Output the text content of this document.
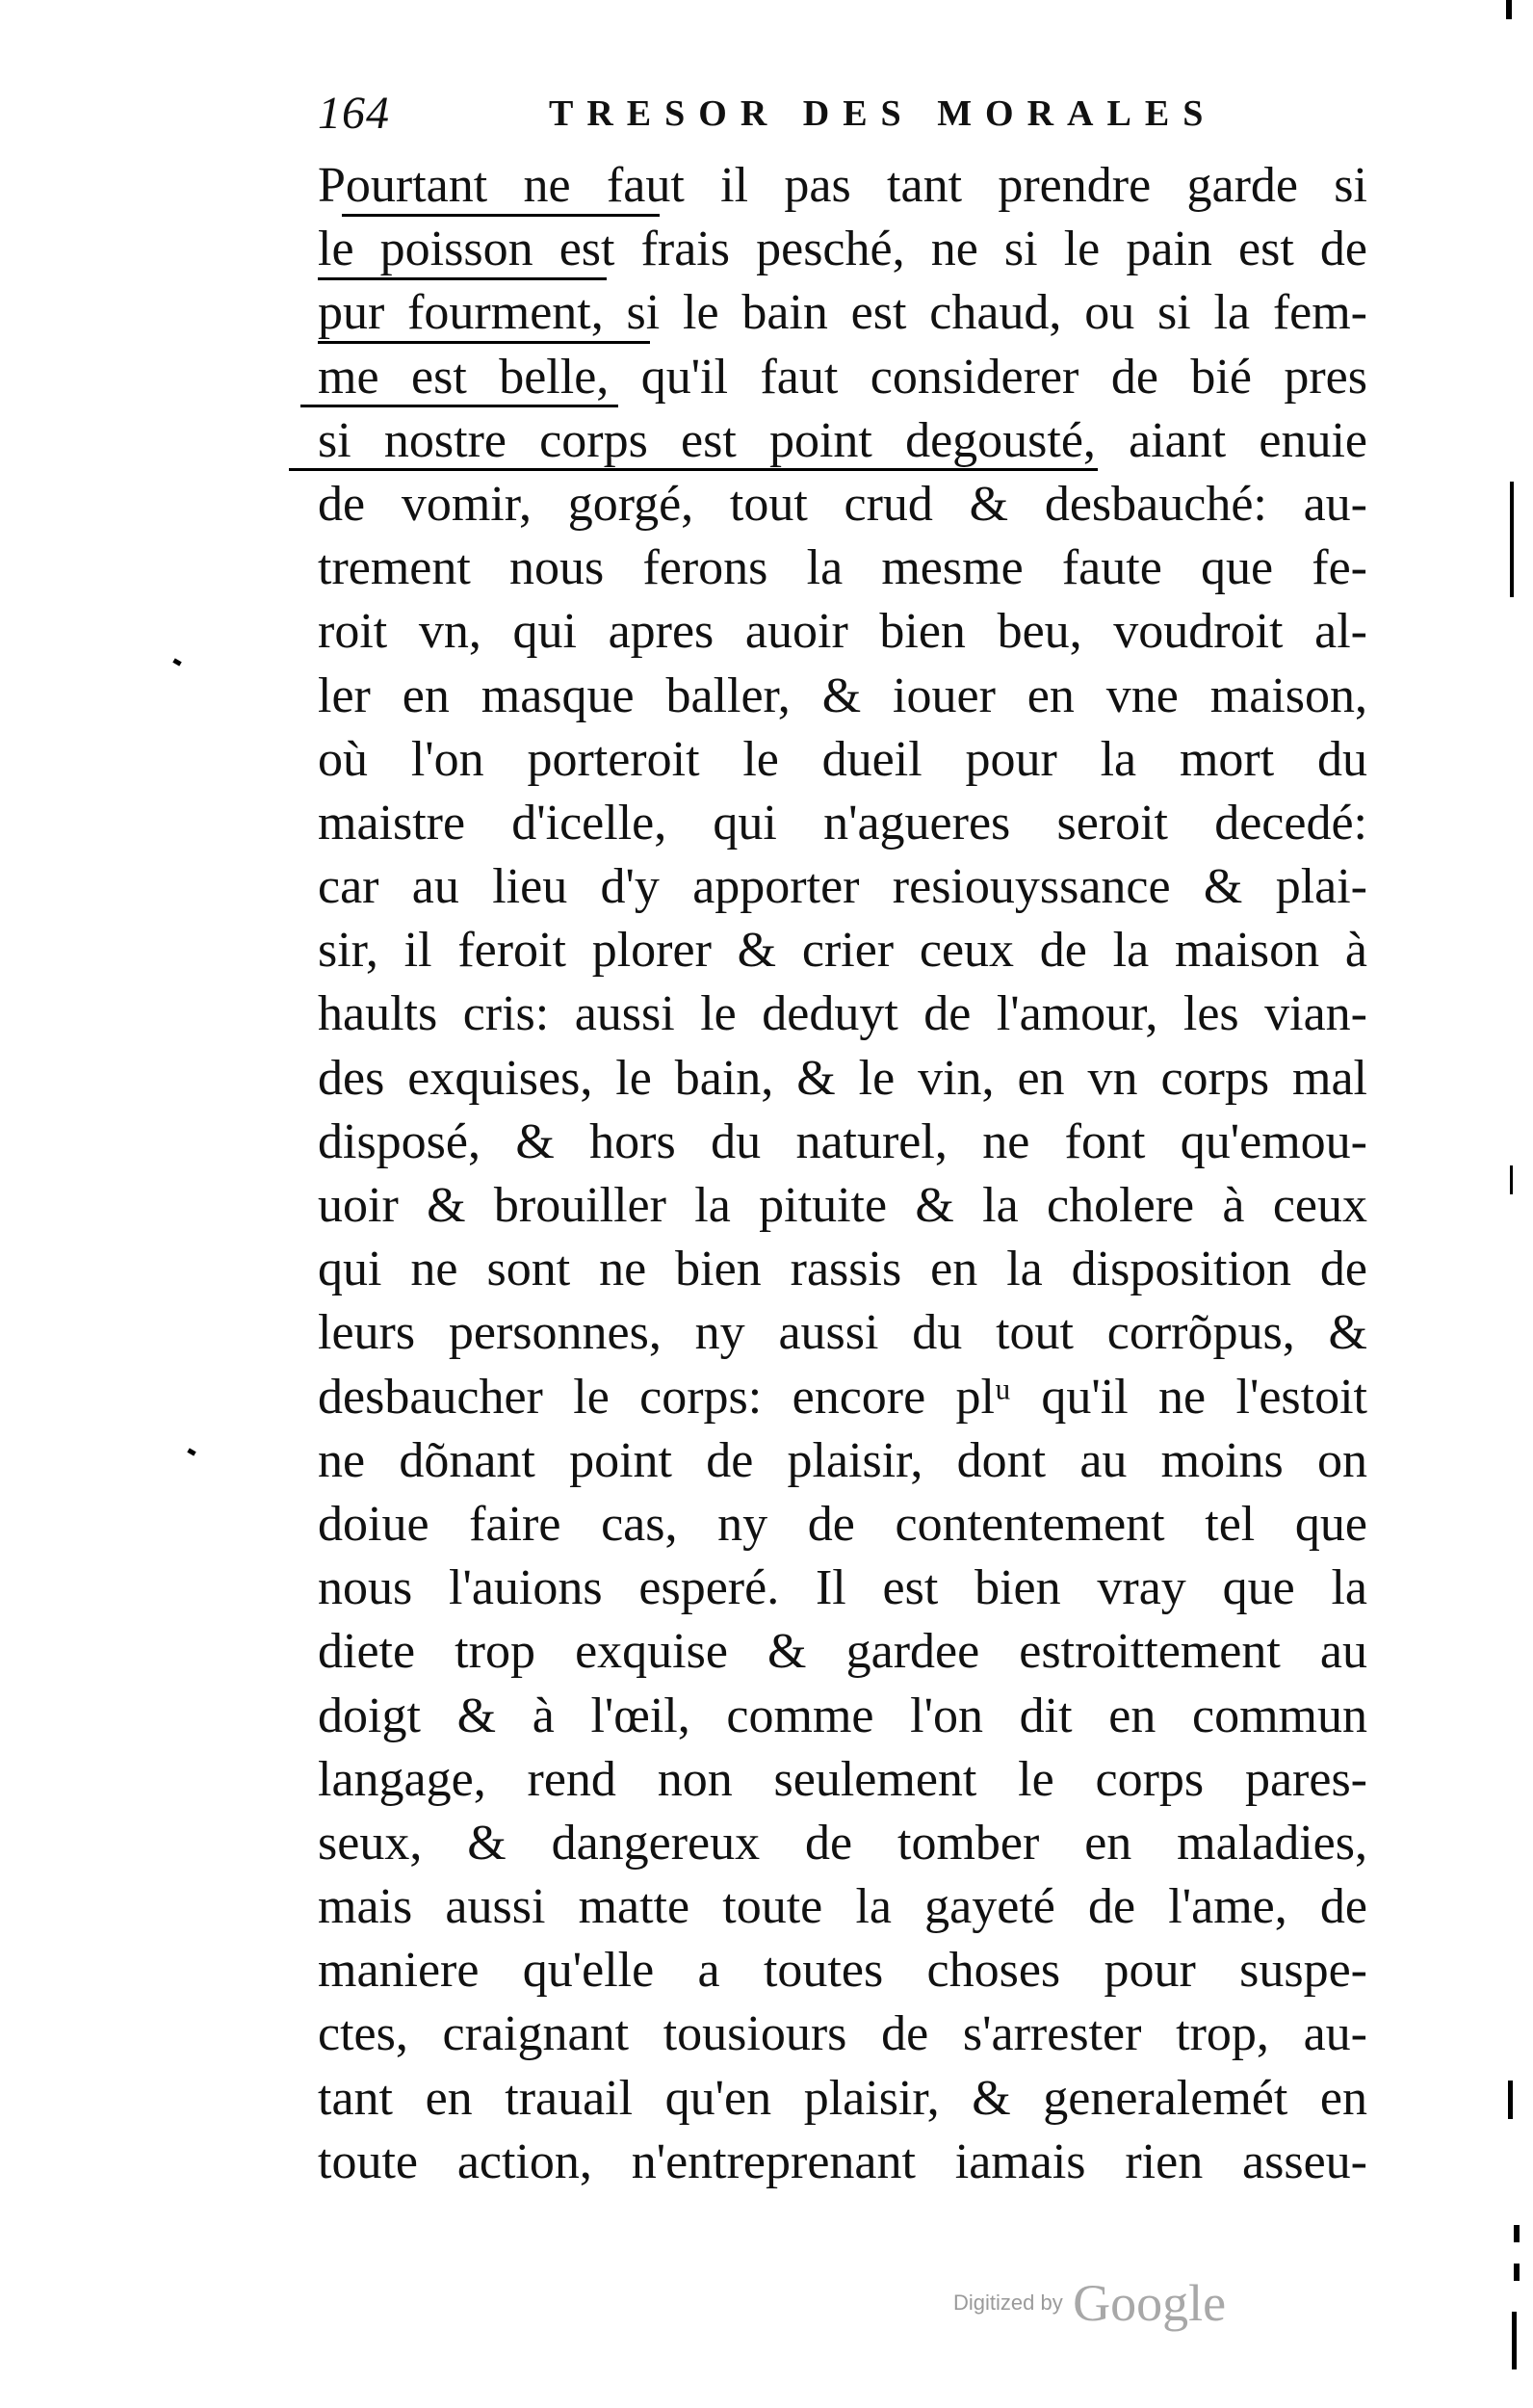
164	TRESOR DES MORALES
Pourtant ne faut il pas tant prendre garde si
le poisson est frais pesché, ne si le pain est de
pur fourment, si le bain est chaud, ou si la fem-
me est belle, qu'il faut considerer de bié pres
si nostre corps est point degousté, aiant enuie
de vomir, gorgé, tout crud & desbauché: au-
trement nous ferons la mesme faute que fe-
roit vn, qui apres auoir bien beu, voudroit al-
ler en masque baller, & iouer en vne maison,
où l'on porteroit le dueil pour la mort du
maistre d'icelle, qui n'agueres seroit decedé:
car au lieu d'y apporter resiouyssance & plai-
sir, il feroit plorer & crier ceux de la maison à
haults cris: aussi le deduyt de l'amour, les vian-
des exquises, le bain, & le vin, en vn corps mal
disposé, & hors du naturel, ne font qu'emou-
uoir & brouiller la pituite & la cholere à ceux
qui ne sont ne bien rassis en la disposition de
leurs personnes, ny aussi du tout corrõpus, &
desbaucher le corps: encore plᵘ qu'il ne l'estoit
ne dõnant point de plaisir, dont au moins on
doiue faire cas, ny de contentement tel que
nous l'auions esperé. Il est bien vray que la
diete trop exquise & gardee estroittement au
doigt & à l'œil, comme l'on dit en commun
langage, rend non seulement le corps pares-
seux, & dangereux de tomber en maladies,
mais aussi matte toute la gayeté de l'ame, de
maniere qu'elle a toutes choses pour suspe-
ctes, craignant tousiours de s'arrester trop, au-
tant en trauail qu'en plaisir, & generalemét en
toute action, n'entreprenant iamais rien asseu-
Digitized by Google
